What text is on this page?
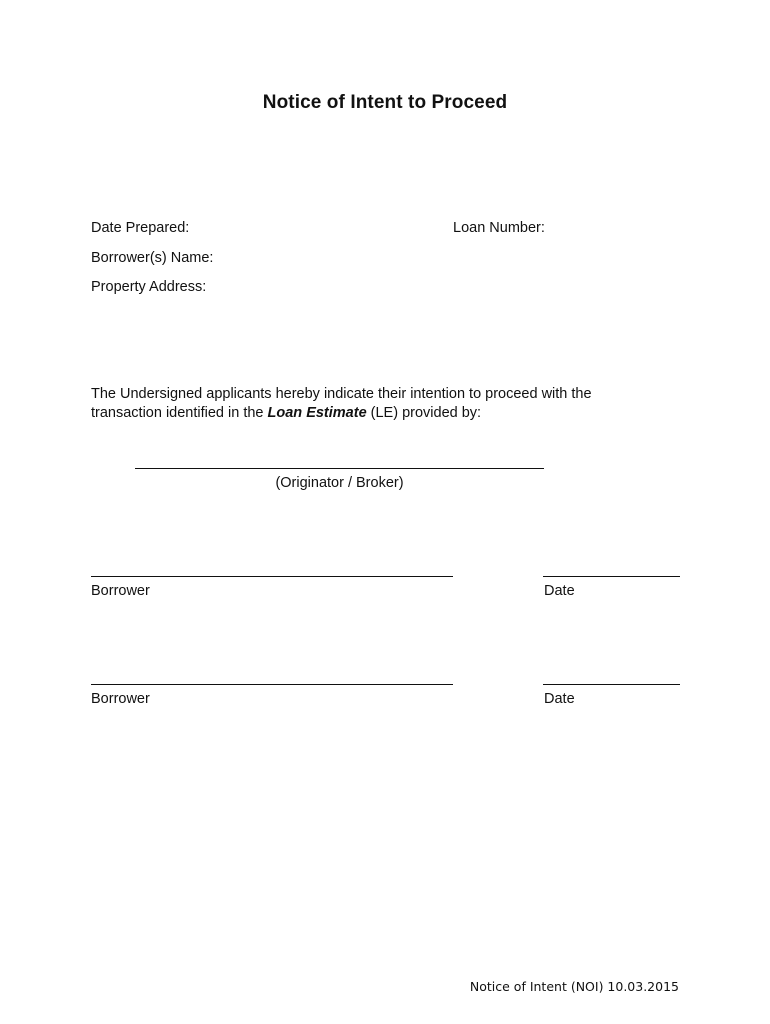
Notice of Intent to Proceed
Date Prepared:	Loan Number:
Borrower(s) Name:
Property Address:
The Undersigned applicants hereby indicate their intention to proceed with the
transaction identified in the Loan Estimate (LE) provided by:
(Originator / Broker)
Borrower	Date
Borrower	Date
Notice of Intent (NOI) 10.03.2015
